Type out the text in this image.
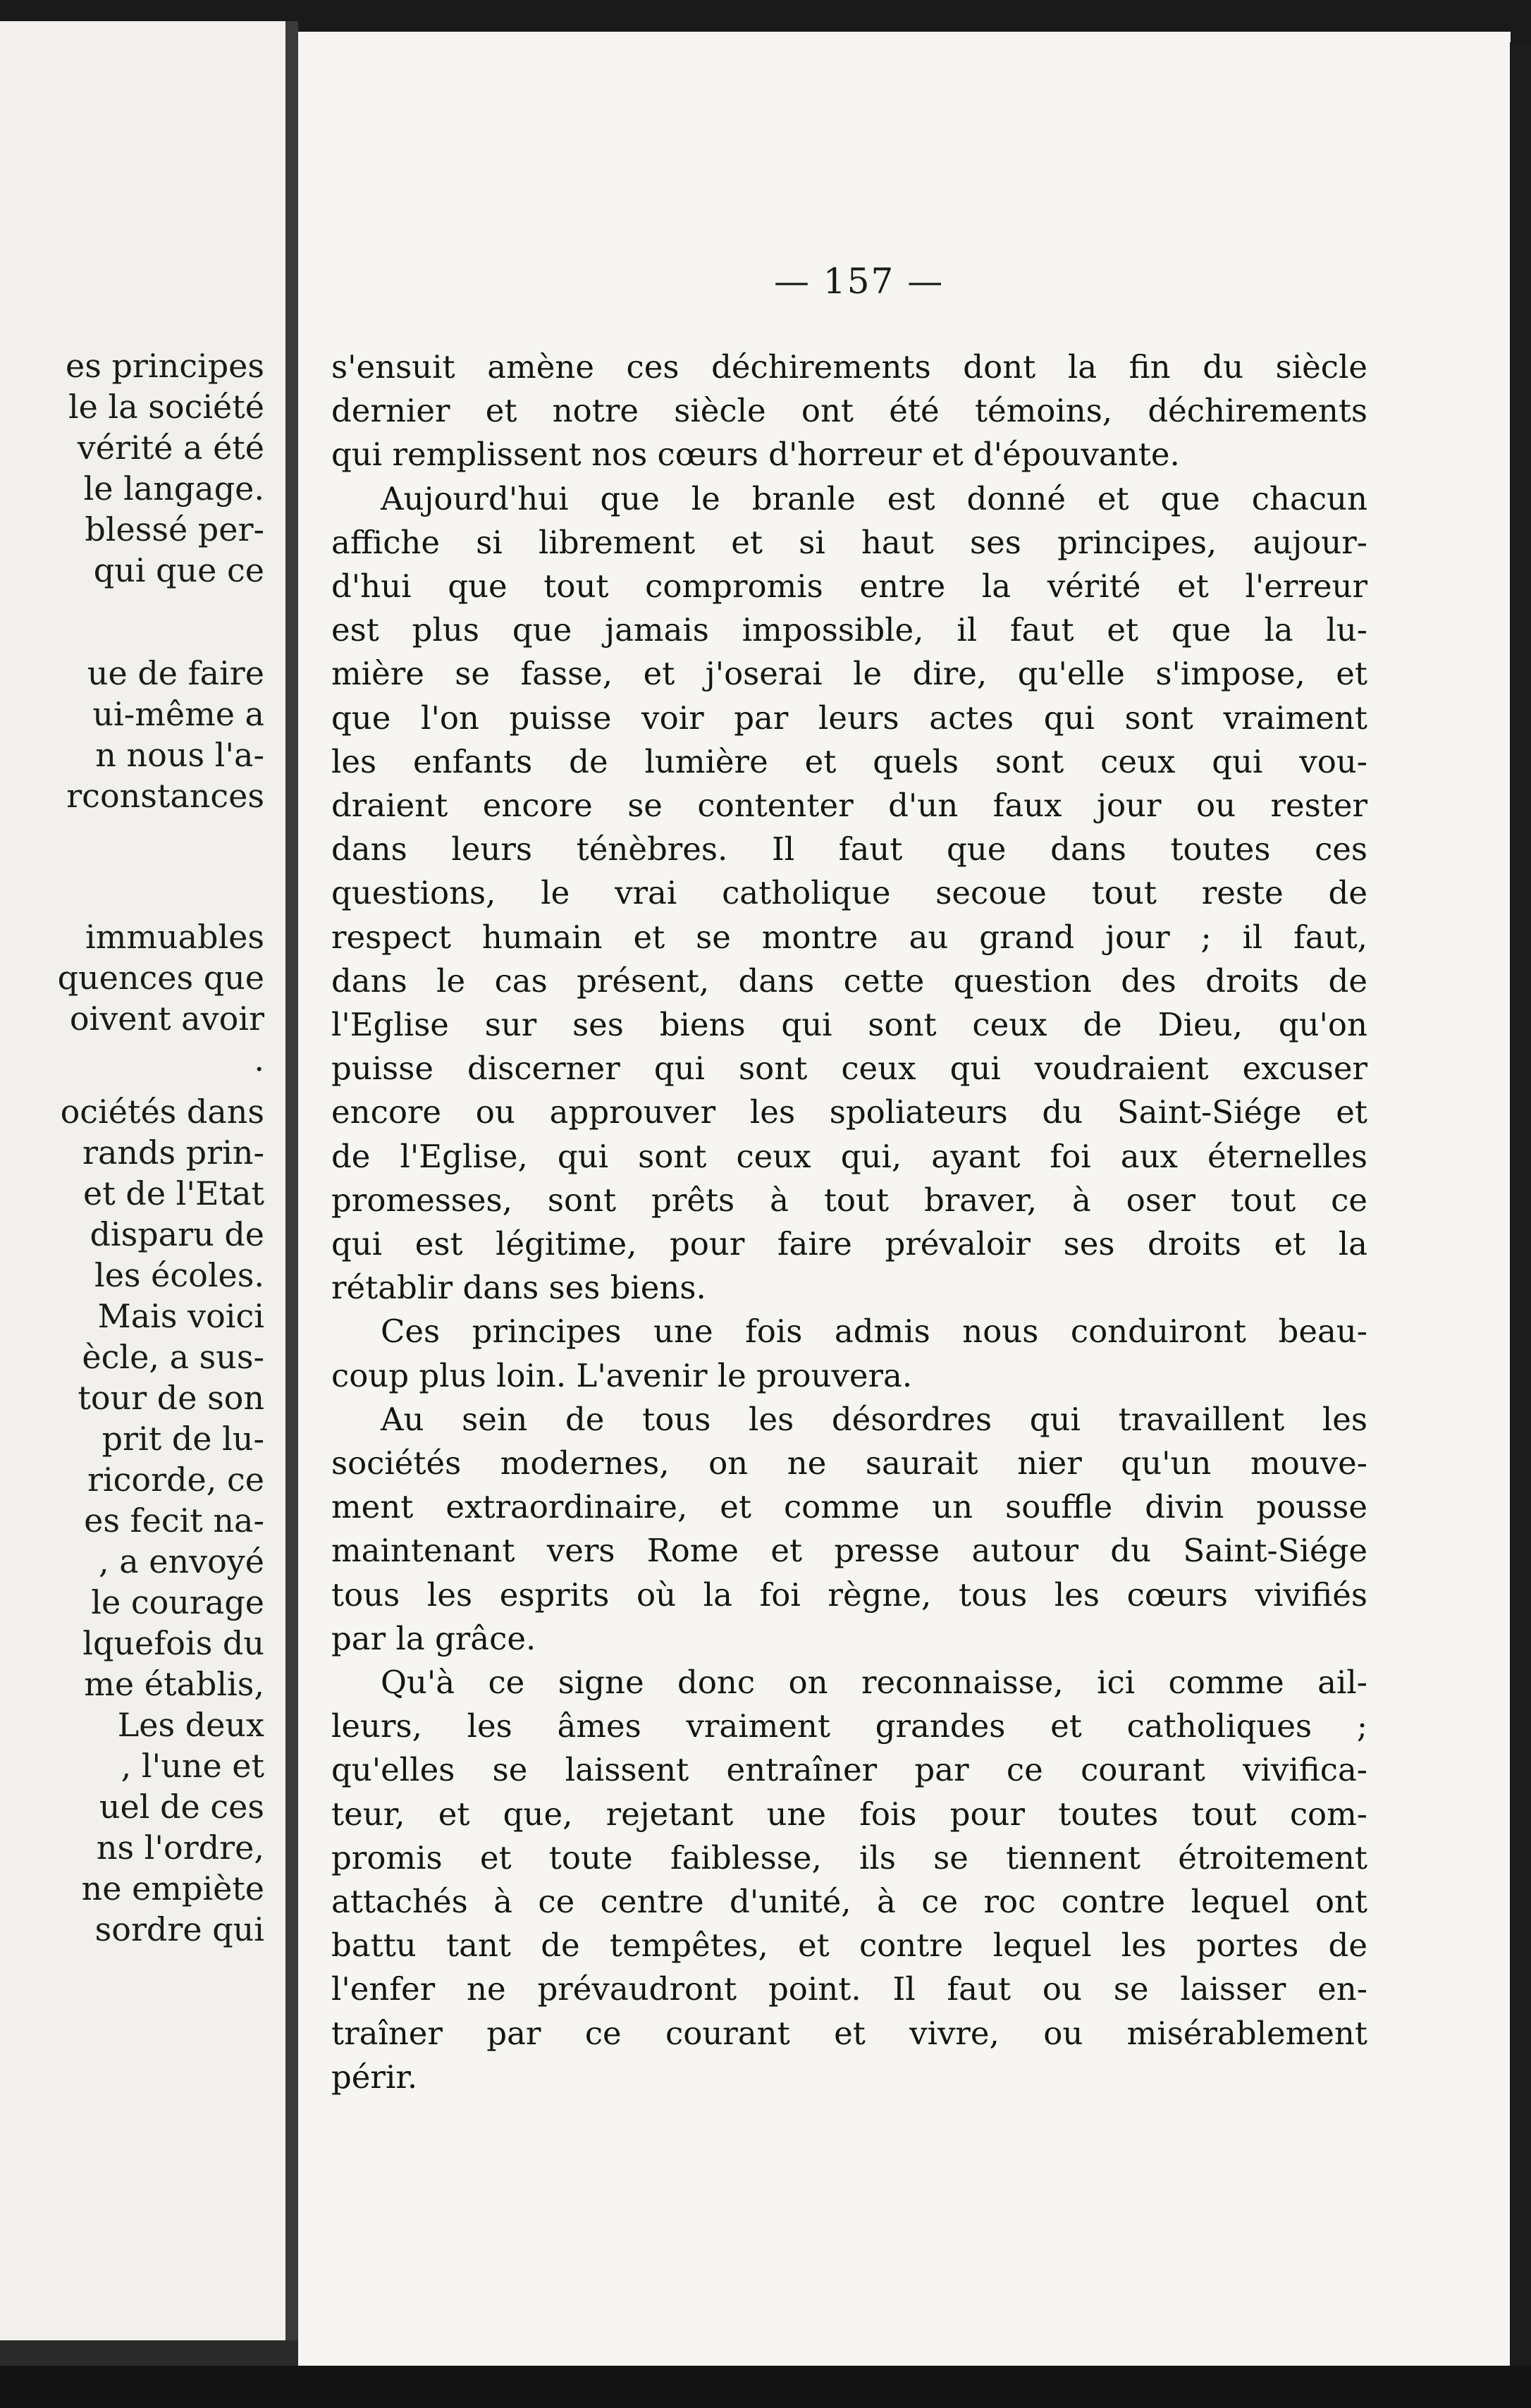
es principes
le la société
vérité a été
le langage.
blessé per-
qui que ce
ue de faire
ui-même a
n nous l'a-
rconstances
immuables
quences que
oivent avoir
.
ociétés dans
rands prin-
et de l'Etat
disparu de
les écoles.
Mais voici
ècle, a sus-
tour de son
prit de lu-
ricorde, ce
es fecit na-
, a envoyé
le courage
lquefois du
me établis,
Les deux
, l'une et
uel de ces
ns l'ordre,
ne empiète
sordre qui
— 157 —
s'ensuit amène ces déchirements dont la fin du siècle
dernier et notre siècle ont été témoins, déchirements
qui remplissent nos cœurs d'horreur et d'épouvante.
Aujourd'hui que le branle est donné et que chacun
affiche si librement et si haut ses principes, aujour-
d'hui que tout compromis entre la vérité et l'erreur
est plus que jamais impossible, il faut et que la lu-
mière se fasse, et j'oserai le dire, qu'elle s'impose, et
que l'on puisse voir par leurs actes qui sont vraiment
les enfants de lumière et quels sont ceux qui vou-
draient encore se contenter d'un faux jour ou rester
dans leurs ténèbres. Il faut que dans toutes ces
questions, le vrai catholique secoue tout reste de
respect humain et se montre au grand jour ; il faut,
dans le cas présent, dans cette question des droits de
l'Eglise sur ses biens qui sont ceux de Dieu, qu'on
puisse discerner qui sont ceux qui voudraient excuser
encore ou approuver les spoliateurs du Saint-Siége et
de l'Eglise, qui sont ceux qui, ayant foi aux éternelles
promesses, sont prêts à tout braver, à oser tout ce
qui est légitime, pour faire prévaloir ses droits et la
rétablir dans ses biens.
Ces principes une fois admis nous conduiront beau-
coup plus loin. L'avenir le prouvera.
Au sein de tous les désordres qui travaillent les
sociétés modernes, on ne saurait nier qu'un mouve-
ment extraordinaire, et comme un souffle divin pousse
maintenant vers Rome et presse autour du Saint-Siége
tous les esprits où la foi règne, tous les cœurs vivifiés
par la grâce.
Qu'à ce signe donc on reconnaisse, ici comme ail-
leurs, les âmes vraiment grandes et catholiques ;
qu'elles se laissent entraîner par ce courant vivifica-
teur, et que, rejetant une fois pour toutes tout com-
promis et toute faiblesse, ils se tiennent étroitement
attachés à ce centre d'unité, à ce roc contre lequel ont
battu tant de tempêtes, et contre lequel les portes de
l'enfer ne prévaudront point. Il faut ou se laisser en-
traîner par ce courant et vivre, ou misérablement
périr.
